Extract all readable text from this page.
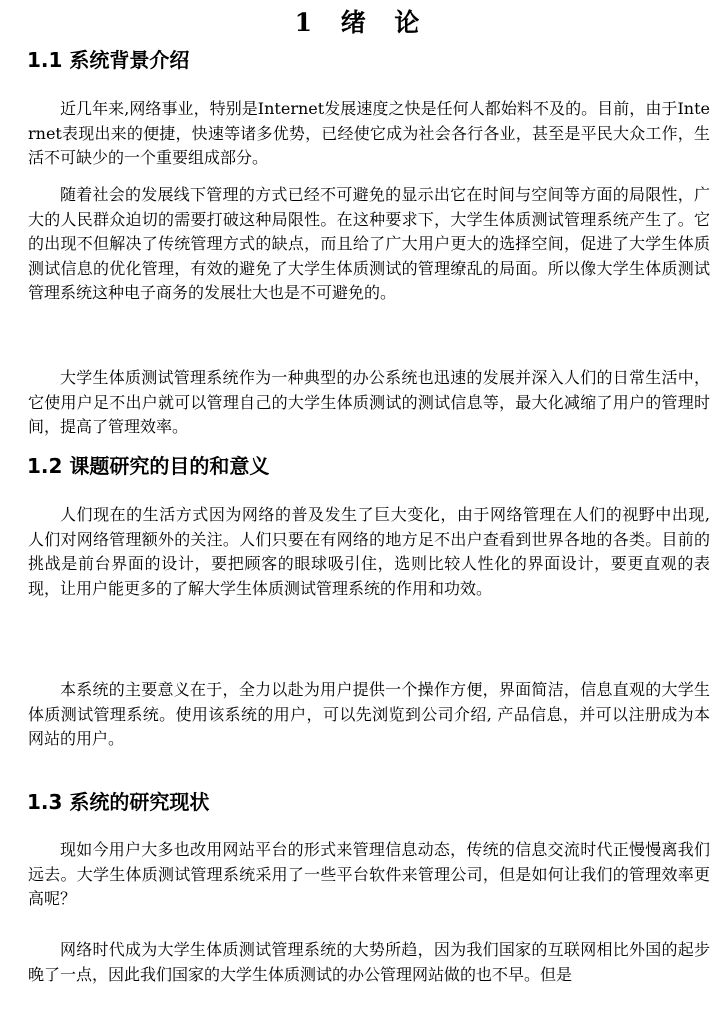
1 绪 论
1.1 系统背景介绍

近几年来,网络事业，特别是Internet发展速度之快是任何人都始料不及的。目前，由于Internet表现出来的便捷，快速等诸多优势，已经使它成为社会各行各业，甚至是平民大众工作，生活不可缺少的一个重要组成部分。

随着社会的发展线下管理的方式已经不可避免的显示出它在时间与空间等方面的局限性，广大的人民群众迫切的需要打破这种局限性。在这种要求下，大学生体质测试管理系统产生了。它的出现不但解决了传统管理方式的缺点，而且给了广大用户更大的选择空间，促进了大学生体质测试信息的优化管理，有效的避免了大学生体质测试的管理缭乱的局面。所以像大学生体质测试管理系统这种电子商务的发展壮大也是不可避免的。

大学生体质测试管理系统作为一种典型的办公系统也迅速的发展并深入人们的日常生活中，它使用户足不出户就可以管理自己的大学生体质测试的测试信息等，最大化减缩了用户的管理时间，提高了管理效率。

1.2 课题研究的目的和意义

人们现在的生活方式因为网络的普及发生了巨大变化，由于网络管理在人们的视野中出现, 人们对网络管理额外的关注。人们只要在有网络的地方足不出户查看到世界各地的各类。目前的挑战是前台界面的设计，要把顾客的眼球吸引住，选则比较人性化的界面设计，要更直观的表现，让用户能更多的了解大学生体质测试管理系统的作用和功效。

本系统的主要意义在于，全力以赴为用户提供一个操作方便，界面简洁，信息直观的大学生体质测试管理系统。使用该系统的用户，可以先浏览到公司介绍, 产品信息，并可以注册成为本网站的用户。

1.3 系统的研究现状

现如今用户大多也改用网站平台的形式来管理信息动态，传统的信息交流时代正慢慢离我们远去。大学生体质测试管理系统采用了一些平台软件来管理公司，但是如何让我们的管理效率更高呢？

网络时代成为大学生体质测试管理系统的大势所趋，因为我们国家的互联网相比外国的起步晚了一点，因此我们国家的大学生体质测试的办公管理网站做的也不早。但是
